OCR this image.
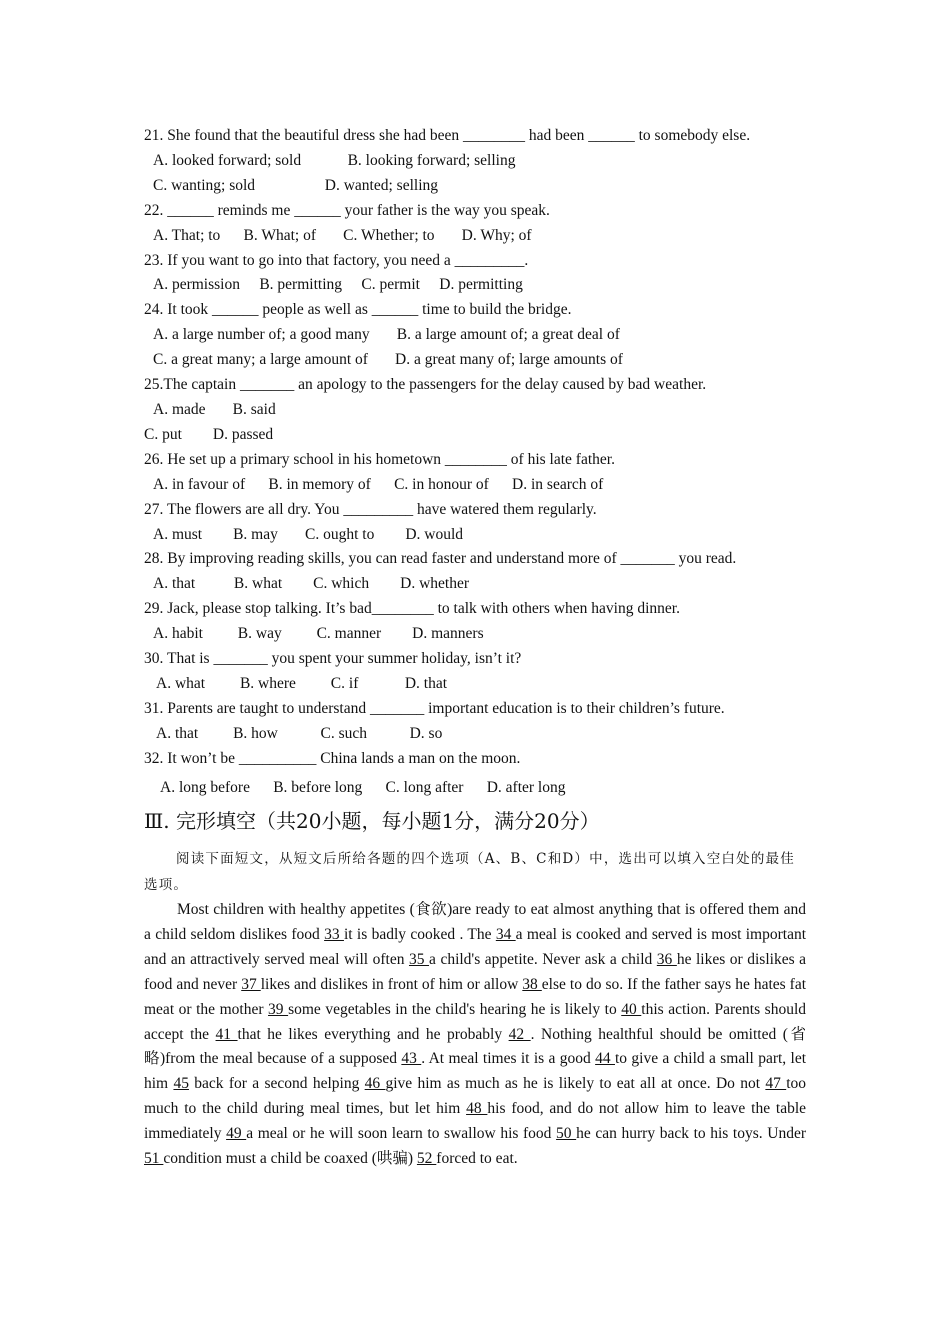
21. She found that the beautiful dress she had been ________ had been ______ to somebody else.
A. looked forward; sold            B. looking forward; selling
C. wanting; sold                  D. wanted; selling
22. ______ reminds me ______ your father is the way you speak.
A. That; to      B. What; of       C. Whether; to       D. Why; of
23. If you want to go into that factory, you need a _________.
A. permission     B. permitting     C. permit     D. permitting
24. It took ______ people as well as ______ time to build the bridge.
A. a large number of; a good many       B. a large amount of; a great deal of
C. a great many; a large amount of       D. a great many of; large amounts of
25.The captain _______ an apology to the passengers for the delay caused by bad weather.
A. made       B. said
C. put        D. passed
26. He set up a primary school in his hometown ________ of his late father.
A. in favour of      B. in memory of      C. in honour of      D. in search of
27. The flowers are all dry. You _________ have watered them regularly.
A. must        B. may       C. ought to        D. would
28. By improving reading skills, you can read faster and understand more of _______ you read.
A. that          B. what        C. which        D. whether
29. Jack, please stop talking. It’s bad________ to talk with others when having dinner.
A. habit         B. way         C. manner        D. manners
30. That is _______ you spent your summer holiday, isn’t it?
A. what         B. where         C. if            D. that
31. Parents are taught to understand _______ important education is to their children’s future.
A. that         B. how           C. such           D. so
32. It won’t be __________ China lands a man on the moon.
A. long before      B. before long      C. long after      D. after long
Ⅲ. 完形填空（共20小题，每小题1分，满分20分）
阅读下面短文，从短文后所给各题的四个选项（A、B、C和D）中，选出可以填入空白处的最佳选项。
Most children with healthy appetites (食欲)are ready to eat almost anything that is offered them and a child seldom dislikes food 33 it is badly cooked . The 34 a meal is cooked and served is most important and an attractively served meal will often 35 a child's appetite. Never ask a child 36 he likes or dislikes a food and never 37 likes and dislikes in front of him or allow 38 else to do so. If the father says he hates fat meat or the mother 39 some vegetables in the child's hearing he is likely to 40 this action. Parents should accept the 41 that he likes everything and he probably 42 . Nothing healthful should be omitted (省略)from the meal because of a supposed 43 . At meal times it is a good 44 to give a child a small part, let him 45 back for a second helping 46 give him as much as he is likely to eat all at once. Do not 47 too much to the child during meal times, but let him 48 his food, and do not allow him to leave the table immediately 49 a meal or he will soon learn to swallow his food 50 he can hurry back to his toys. Under 51 condition must a child be coaxed (哄骗) 52 forced to eat.
